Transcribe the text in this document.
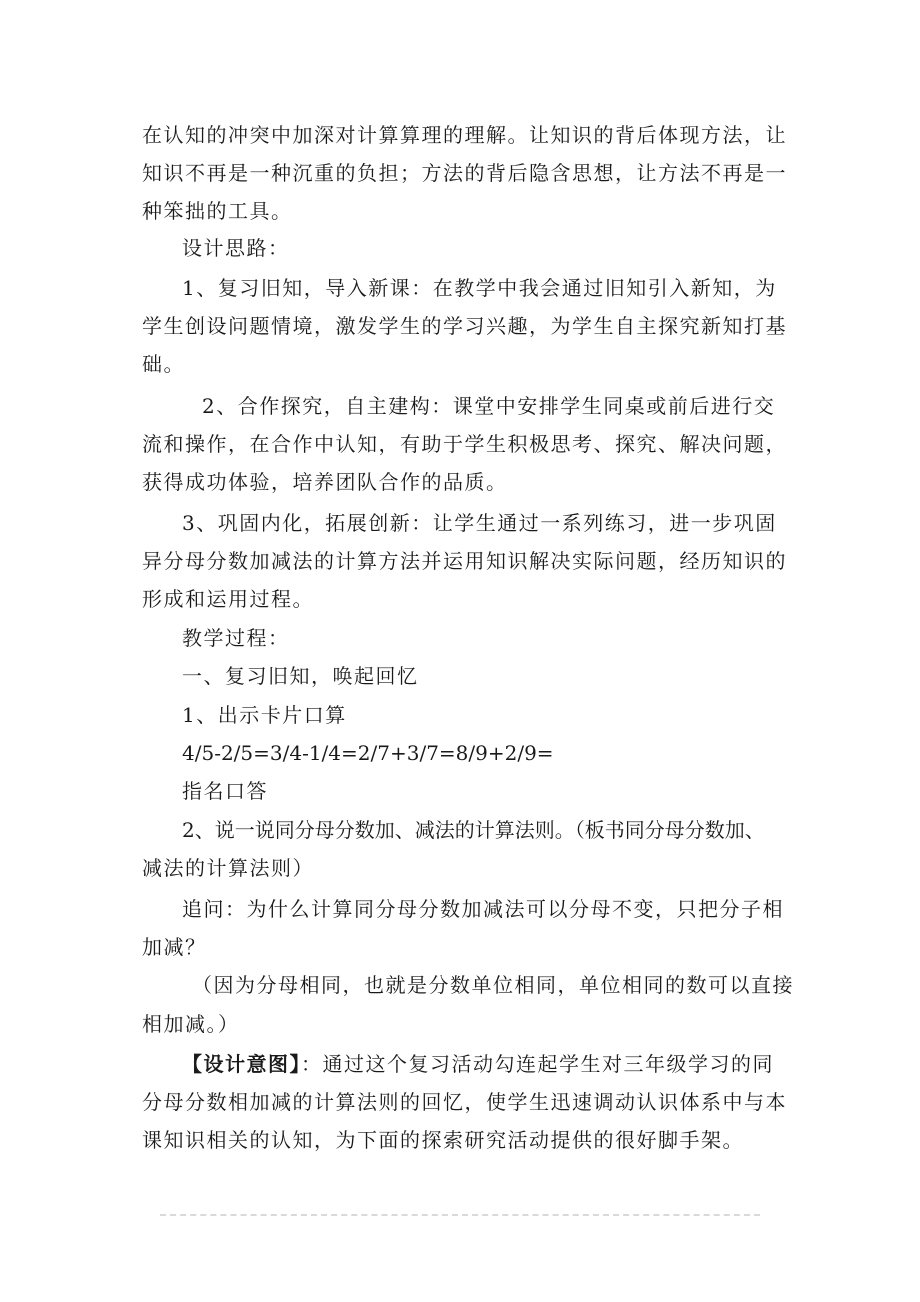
在认知的冲突中加深对计算算理的理解。让知识的背后体现方法，让
知识不再是一种沉重的负担；方法的背后隐含思想，让方法不再是一
种笨拙的工具。
设计思路：
1、复习旧知，导入新课：在教学中我会通过旧知引入新知，为
学生创设问题情境，激发学生的学习兴趣，为学生自主探究新知打基
础。
2、合作探究，自主建构：课堂中安排学生同桌或前后进行交
流和操作，在合作中认知，有助于学生积极思考、探究、解决问题，
获得成功体验，培养团队合作的品质。
3、巩固内化，拓展创新：让学生通过一系列练习，进一步巩固
异分母分数加减法的计算方法并运用知识解决实际问题，经历知识的
形成和运用过程。
教学过程：
一、复习旧知，唤起回忆
1、出示卡片口算
4/5-2/5=3/4-1/4=2/7+3/7=8/9+2/9=
指名口答
2、说一说同分母分数加、减法的计算法则。（板书同分母分数加、
减法的计算法则）
追问：为什么计算同分母分数加减法可以分母不变，只把分子相
加减？
（因为分母相同，也就是分数单位相同，单位相同的数可以直接
相加减。）
【设计意图】：通过这个复习活动勾连起学生对三年级学习的同
分母分数相加减的计算法则的回忆，使学生迅速调动认识体系中与本
课知识相关的认知，为下面的探索研究活动提供的很好脚手架。
